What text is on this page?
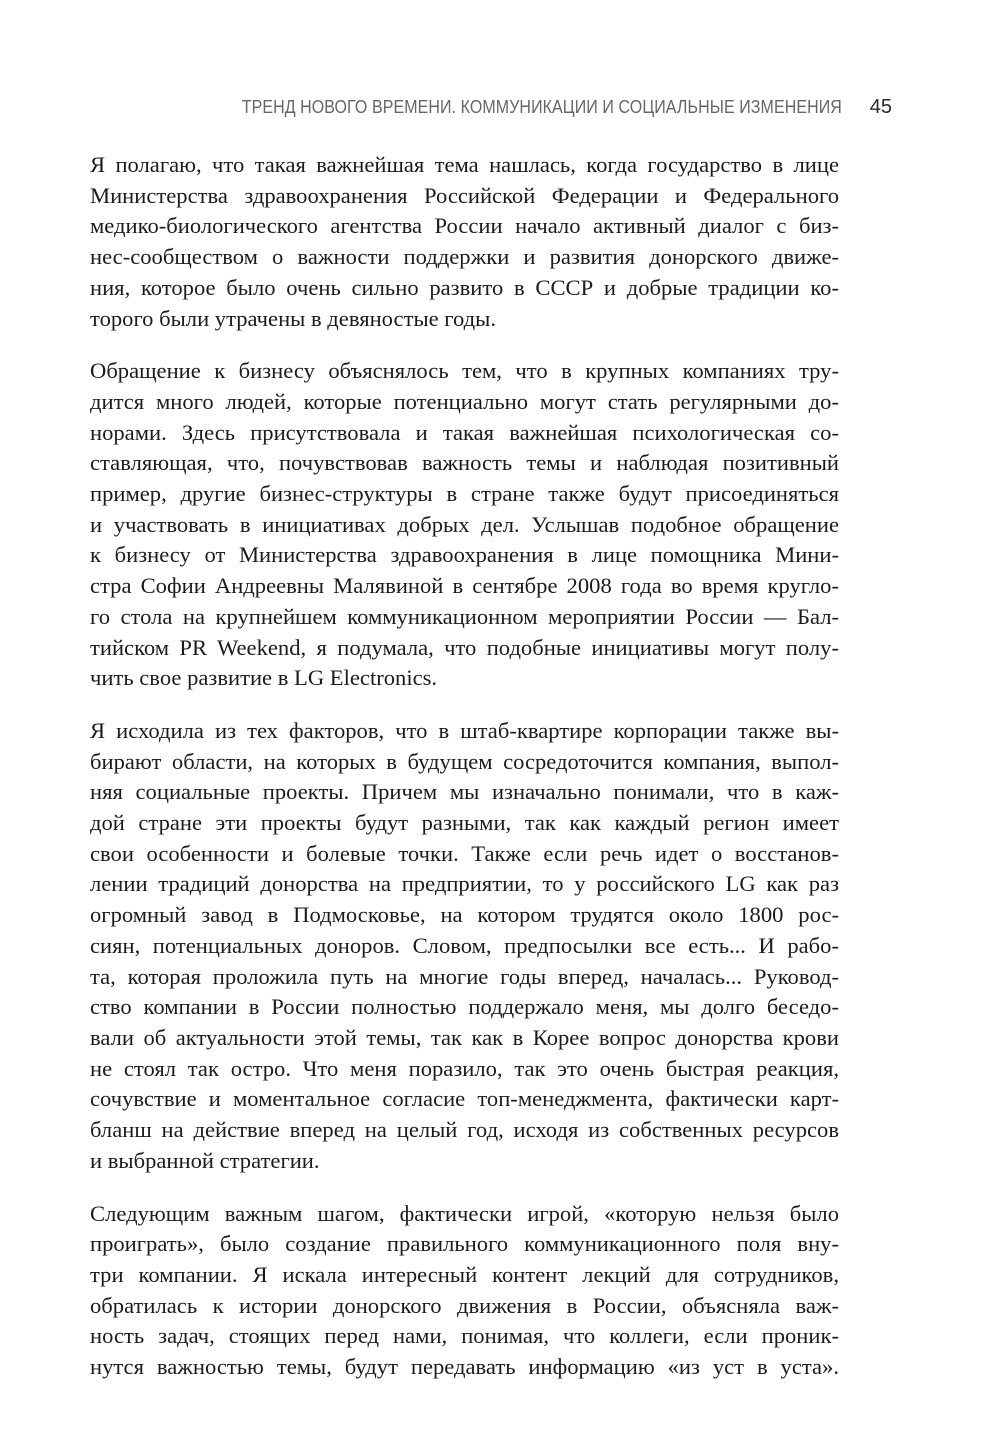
ТРЕНД НОВОГО ВРЕМЕНИ. КОММУНИКАЦИИ И СОЦИАЛЬНЫЕ ИЗМЕНЕНИЯ 45

Я полагаю, что такая важнейшая тема нашлась, когда государство в лице
Министерства здравоохранения Российской Федерации и Федерального
медико-биологического агентства России начало активный диалог с биз-
нес-сообществом о важности поддержки и развития донорского движе-
ния, которое было очень сильно развито в СССР и добрые традиции ко-
торого были утрачены в девяностые годы.

Обращение к бизнесу объяснялось тем, что в крупных компаниях тру-
дится много людей, которые потенциально могут стать регулярными до-
норами. Здесь присутствовала и такая важнейшая психологическая со-
ставляющая, что, почувствовав важность темы и наблюдая позитивный
пример, другие бизнес-структуры в стране также будут присоединяться
и участвовать в инициативах добрых дел. Услышав подобное обращение
к бизнесу от Министерства здравоохранения в лице помощника Мини-
стра Софии Андреевны Малявиной в сентябре 2008 года во время кругло-
го стола на крупнейшем коммуникационном мероприятии России — Бал-
тийском PR Weekend, я подумала, что подобные инициативы могут полу-
чить свое развитие в LG Electronics.

Я исходила из тех факторов, что в штаб-квартире корпорации также вы-
бирают области, на которых в будущем сосредоточится компания, выпол-
няя социальные проекты. Причем мы изначально понимали, что в каж-
дой стране эти проекты будут разными, так как каждый регион имеет
свои особенности и болевые точки. Также если речь идет о восстанов-
лении традиций донорства на предприятии, то у российского LG как раз
огромный завод в Подмосковье, на котором трудятся около 1800 рос-
сиян, потенциальных доноров. Словом, предпосылки все есть... И рабо-
та, которая проложила путь на многие годы вперед, началась... Руковод-
ство компании в России полностью поддержало меня, мы долго беседо-
вали об актуальности этой темы, так как в Корее вопрос донорства крови
не стоял так остро. Что меня поразило, так это очень быстрая реакция,
сочувствие и моментальное согласие топ-менеджмента, фактически карт-
бланш на действие вперед на целый год, исходя из собственных ресурсов
и выбранной стратегии.

Следующим важным шагом, фактически игрой, «которую нельзя было
проиграть», было создание правильного коммуникационного поля вну-
три компании. Я искала интересный контент лекций для сотрудников,
обратилась к истории донорского движения в России, объясняла важ-
ность задач, стоящих перед нами, понимая, что коллеги, если проник-
нутся важностью темы, будут передавать информацию «из уст в уста».
